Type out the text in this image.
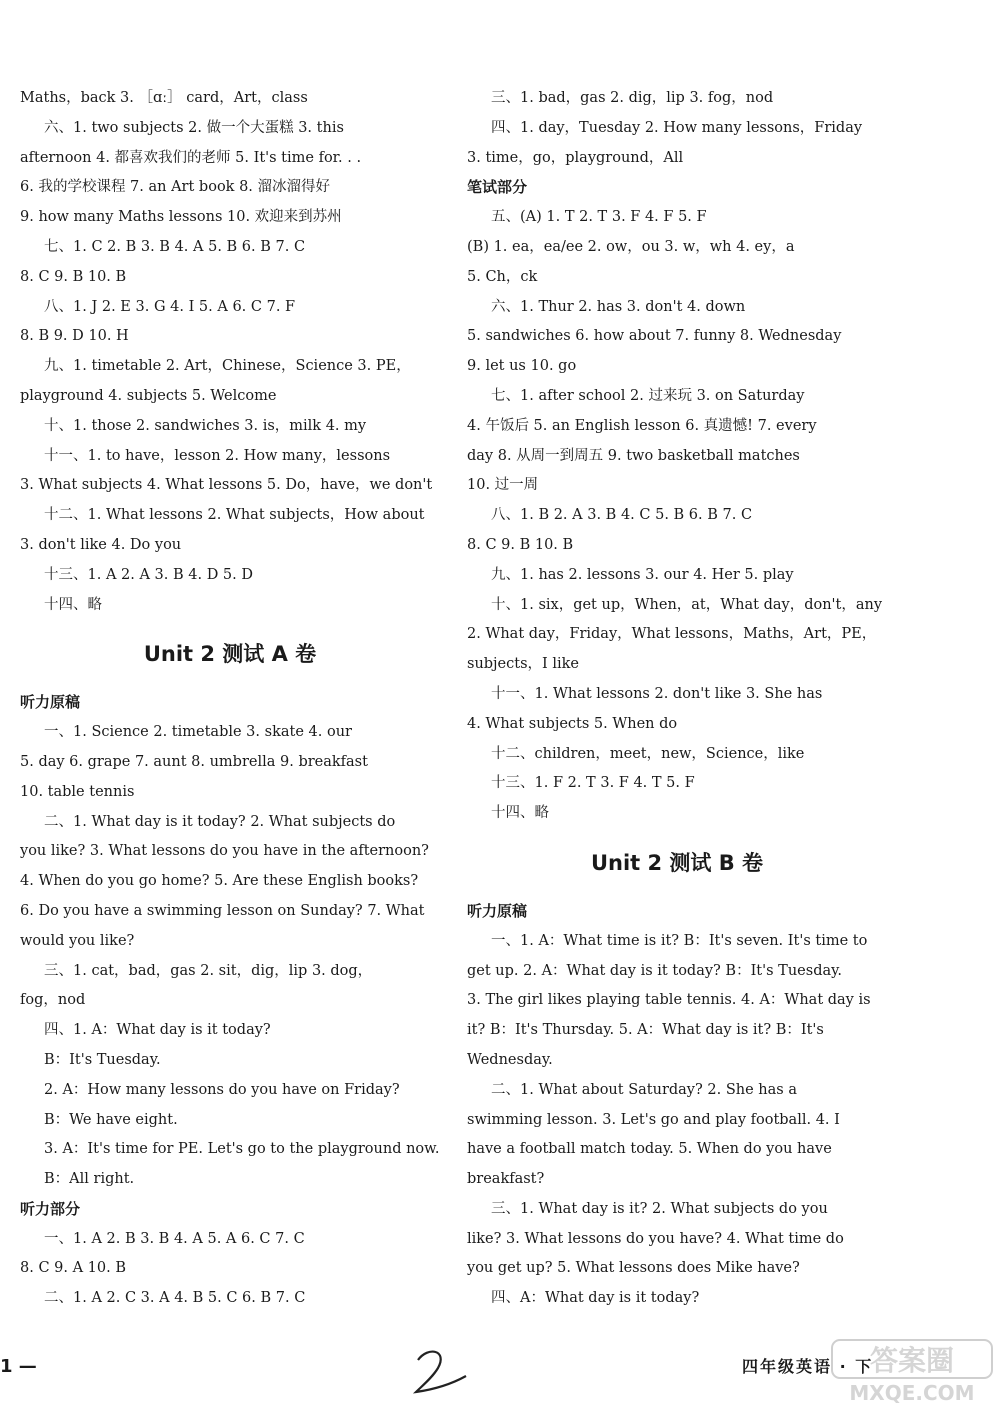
Maths，back 3. ［ɑː］ card，Art，class
六、1. two subjects 2. 做一个大蛋糕 3. this
afternoon 4. 都喜欢我们的老师 5. It's time for. . .
6. 我的学校课程 7. an Art book 8. 溜冰溜得好
9. how many Maths lessons 10. 欢迎来到苏州
七、1. C 2. B 3. B 4. A 5. B 6. B 7. C
8. C 9. B 10. B
八、1. J 2. E 3. G 4. I 5. A 6. C 7. F
8. B 9. D 10. H
九、1. timetable 2. Art，Chinese，Science 3. PE，
playground 4. subjects 5. Welcome
十、1. those 2. sandwiches 3. is，milk 4. my
十一、1. to have，lesson 2. How many，lessons
3. What subjects 4. What lessons 5. Do，have，we don't
十二、1. What lessons 2. What subjects，How about
3. don't like 4. Do you
十三、1. A 2. A 3. B 4. D 5. D
十四、略
Unit 2 测试 A 卷
听力原稿
一、1. Science 2. timetable 3. skate 4. our
5. day 6. grape 7. aunt 8. umbrella 9. breakfast
10. table tennis
二、1. What day is it today? 2. What subjects do
you like? 3. What lessons do you have in the afternoon?
4. When do you go home? 5. Are these English books?
6. Do you have a swimming lesson on Sunday? 7. What
would you like?
三、1. cat，bad，gas 2. sit，dig，lip 3. dog，
fog，nod
四、1. A：What day is it today?
B：It's Tuesday.
2. A：How many lessons do you have on Friday?
B：We have eight.
3. A：It's time for PE. Let's go to the playground now.
B：All right.
听力部分
一、1. A 2. B 3. B 4. A 5. A 6. C 7. C
8. C 9. A 10. B
二、1. A 2. C 3. A 4. B 5. C 6. B 7. C
三、1. bad，gas 2. dig，lip 3. fog，nod
四、1. day，Tuesday 2. How many lessons，Friday
3. time，go，playground，All
笔试部分
五、(A) 1. T 2. T 3. F 4. F 5. F
(B) 1. ea，ea/ee 2. ow，ou 3. w，wh 4. ey，a
5. Ch，ck
六、1. Thur 2. has 3. don't 4. down
5. sandwiches 6. how about 7. funny 8. Wednesday
9. let us 10. go
七、1. after school 2. 过来玩 3. on Saturday
4. 午饭后 5. an English lesson 6. 真遗憾! 7. every
day 8. 从周一到周五 9. two basketball matches
10. 过一周
八、1. B 2. A 3. B 4. C 5. B 6. B 7. C
8. C 9. B 10. B
九、1. has 2. lessons 3. our 4. Her 5. play
十、1. six，get up，When，at，What day，don't，any
2. What day，Friday，What lessons，Maths，Art，PE，
subjects，I like
十一、1. What lessons 2. don't like 3. She has
4. What subjects 5. When do
十二、children，meet，new，Science，like
十三、1. F 2. T 3. F 4. T 5. F
十四、略
Unit 2 测试 B 卷
听力原稿
一、1. A：What time is it? B：It's seven. It's time to
get up. 2. A：What day is it today? B：It's Tuesday.
3. The girl likes playing table tennis. 4. A：What day is
it? B：It's Thursday. 5. A：What day is it? B：It's
Wednesday.
二、1. What about Saturday? 2. She has a
swimming lesson. 3. Let's go and play football. 4. I
have a football match today. 5. When do you have
breakfast?
三、1. What day is it? 2. What subjects do you
like? 3. What lessons do you have? 4. What time do
you get up? 5. What lessons does Mike have?
四、A：What day is it today?
1 —	四年级英语 · 下
答案圈
MXQE.COM
